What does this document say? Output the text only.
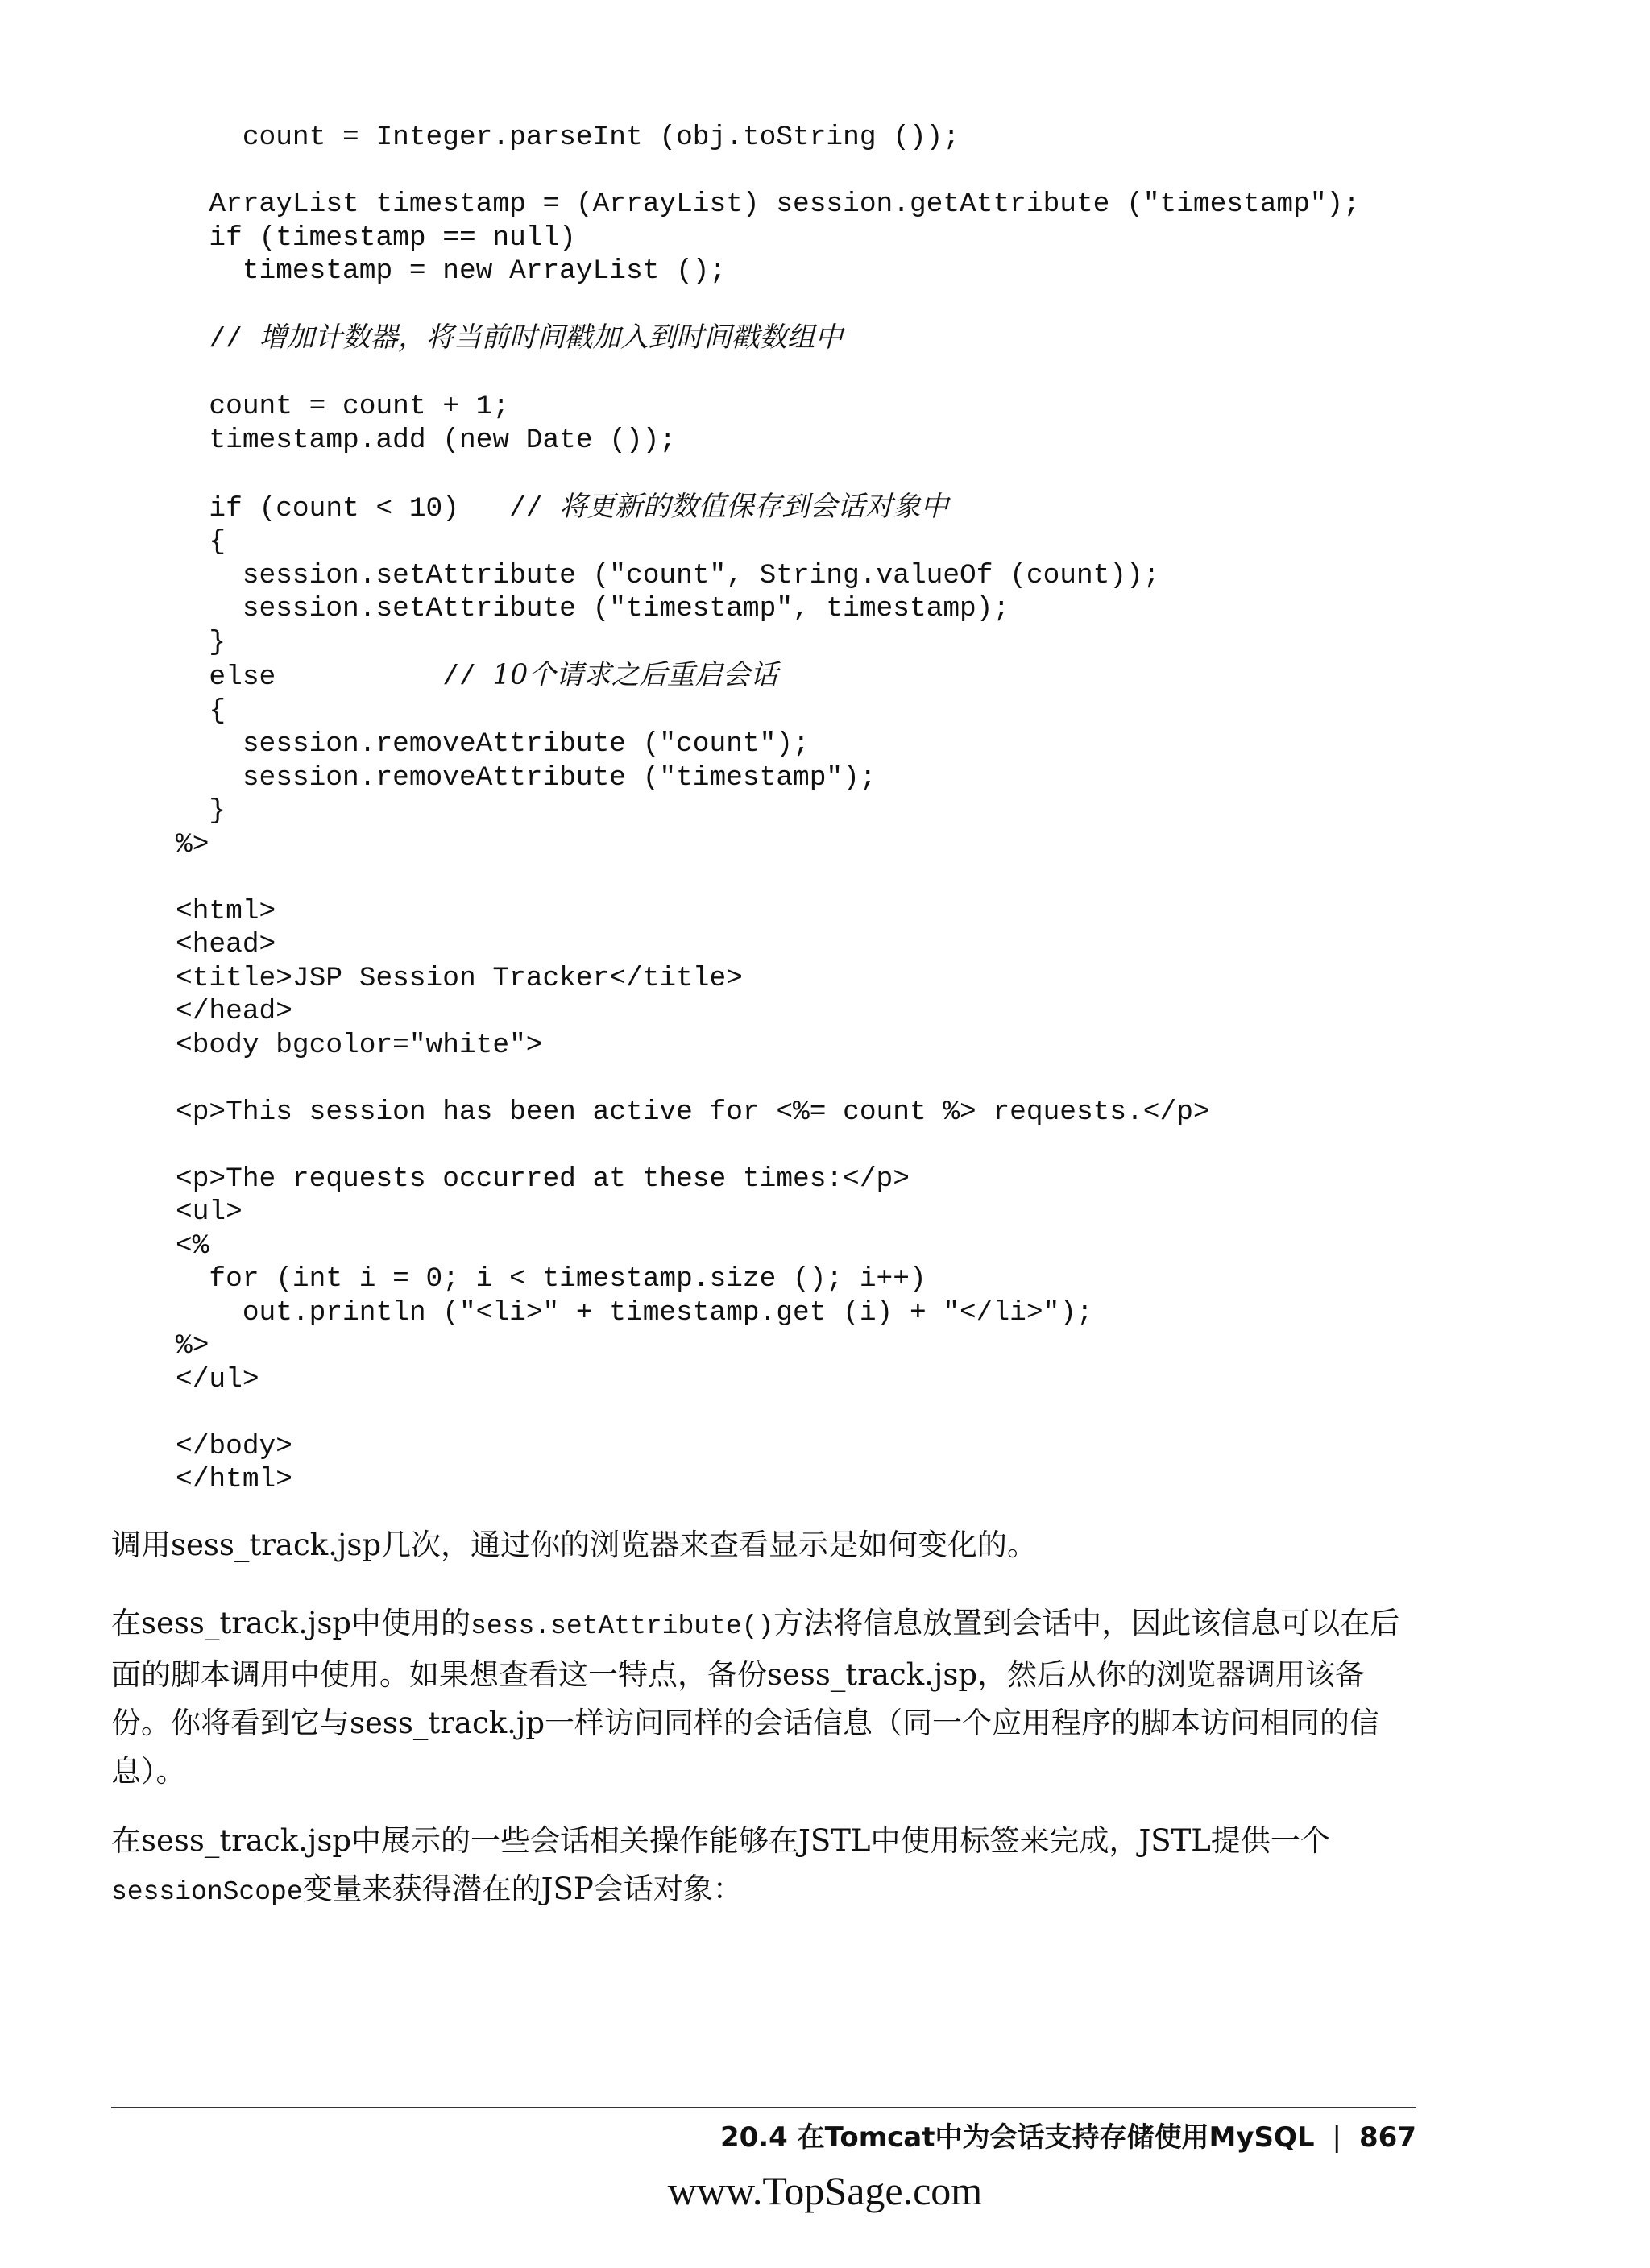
count = Integer.parseInt (obj.toString ());
ArrayList timestamp = (ArrayList) session.getAttribute ("timestamp");
if (timestamp == null)
timestamp = new ArrayList ();
// 增加计数器，将当前时间戳加入到时间戳数组中
count = count + 1;
timestamp.add (new Date ());
if (count < 10)   // 将更新的数值保存到会话对象中
{
session.setAttribute ("count", String.valueOf (count));
session.setAttribute ("timestamp", timestamp);
}
else          // 10个请求之后重启会话
{
session.removeAttribute ("count");
session.removeAttribute ("timestamp");
}
%>
<html>
<head>
<title>JSP Session Tracker</title>
</head>
<body bgcolor="white">
<p>This session has been active for <%= count %> requests.</p>
<p>The requests occurred at these times:</p>
<ul>
<%
for (int i = 0; i < timestamp.size (); i++)
out.println ("<li>" + timestamp.get (i) + "</li>");
%>
</ul>
</body>
</html>

调用sess_track.jsp几次，通过你的浏览器来查看显示是如何变化的。

在sess_track.jsp中使用的sess.setAttribute()方法将信息放置到会话中，因此该信息可以在后面的脚本调用中使用。如果想查看这一特点，备份sess_track.jsp，然后从你的浏览器调用该备份。你将看到它与sess_track.jp一样访问同样的会话信息（同一个应用程序的脚本访问相同的信息）。

在sess_track.jsp中展示的一些会话相关操作能够在JSTL中使用标签来完成，JSTL提供一个sessionScope变量来获得潜在的JSP会话对象：

20.4 在Tomcat中为会话支持存储使用MySQL | 867
www.TopSage.com
